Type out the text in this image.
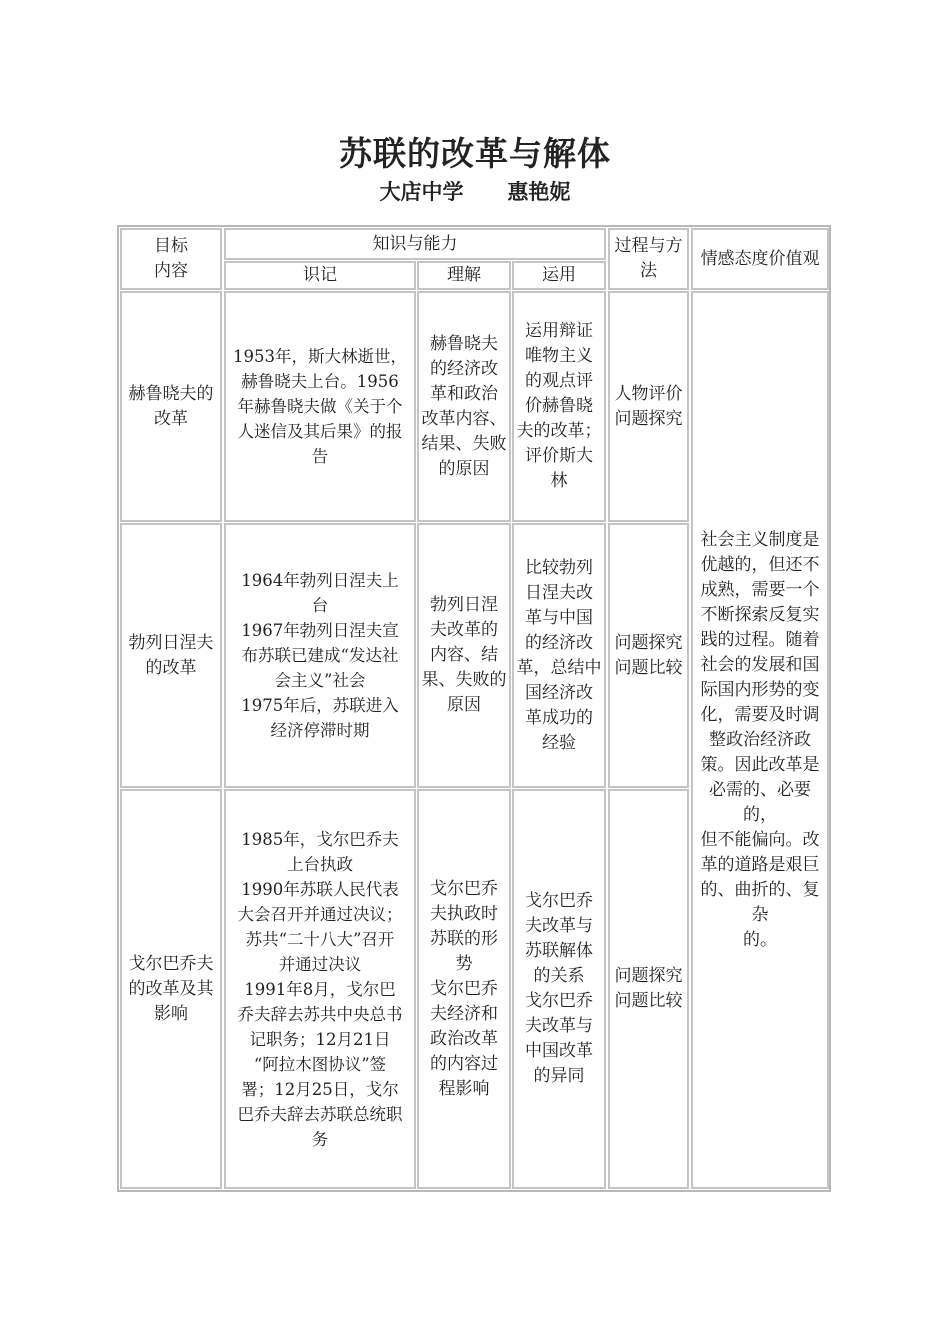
苏联的改革与解体
大店中学      惠艳妮
目标
内容
知识与能力
识记	理解	运用
过程与方
法
情感态度价值观
赫鲁晓夫的
改革
1953年，斯大林逝世，
赫鲁晓夫上台。1956
年赫鲁晓夫做《关于个
人迷信及其后果》的报
告
赫鲁晓夫
的经济改
革和政治
改革内容、
结果、失败
的原因
运用辩证
唯物主义
的观点评
价赫鲁晓
夫的改革；
评价斯大
林
人物评价
问题探究
勃列日涅夫
的改革
1964年勃列日涅夫上
台
1967年勃列日涅夫宣
布苏联已建成“发达社
会主义”社会
1975年后，苏联进入
经济停滞时期
勃列日涅
夫改革的
内容、结
果、失败的
原因
比较勃列
日涅夫改
革与中国
的经济改
革，总结中
国经济改
革成功的
经验
问题探究
问题比较
戈尔巴乔夫
的改革及其
影响
1985年，戈尔巴乔夫
上台执政
1990年苏联人民代表
大会召开并通过决议；
苏共“二十八大”召开
并通过决议
1991年8月，戈尔巴
乔夫辞去苏共中央总书
记职务；12月21日
“阿拉木图协议”签
署；12月25日，戈尔
巴乔夫辞去苏联总统职
务
戈尔巴乔
夫执政时
苏联的形
势
戈尔巴乔
夫经济和
政治改革
的内容过
程影响
戈尔巴乔
夫改革与
苏联解体
的关系
戈尔巴乔
夫改革与
中国改革
的异同
问题探究
问题比较
社会主义制度是
优越的，但还不
成熟，需要一个
不断探索反复实
践的过程。随着
社会的发展和国
际国内形势的变
化，需要及时调
整政治经济政
策。因此改革是
必需的、必要的，
但不能偏向。改
革的道路是艰巨
的、曲折的、复杂
的。
